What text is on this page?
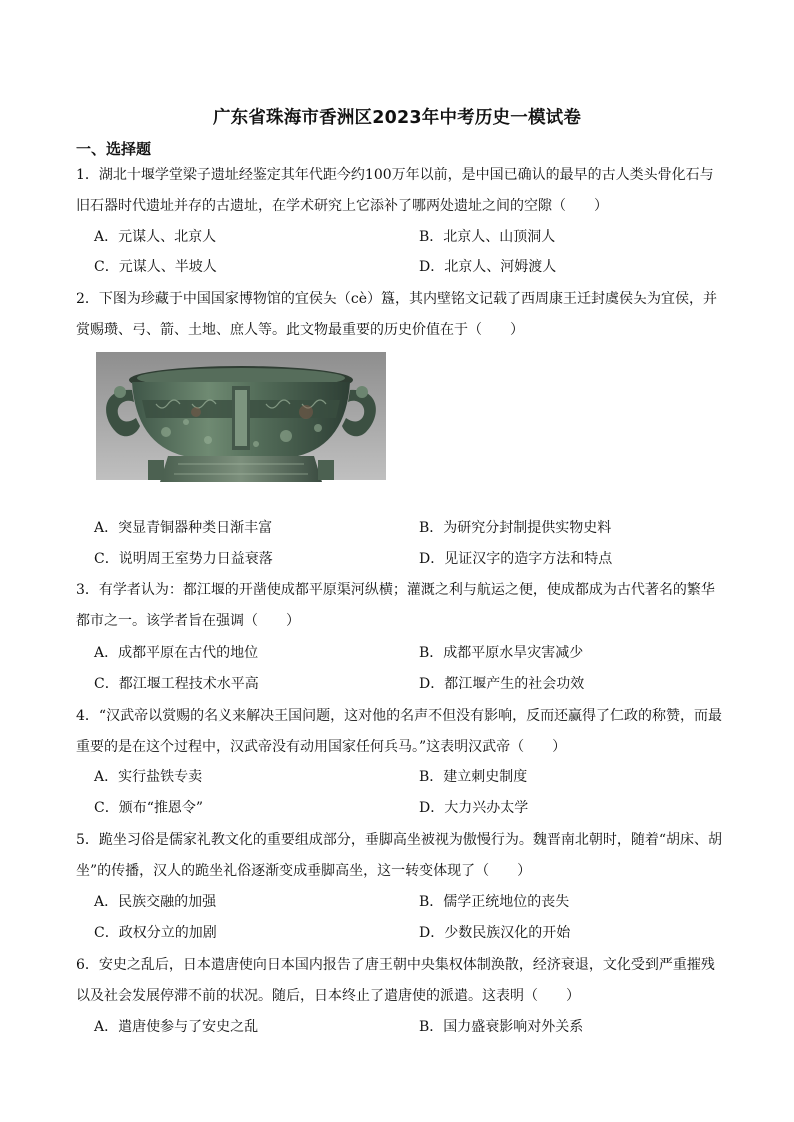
广东省珠海市香洲区2023年中考历史一模试卷
一、选择题
1．湖北十堰学堂梁子遗址经鉴定其年代距今约100万年以前，是中国已确认的最早的古人类头骨化石与
旧石器时代遗址并存的古遗址，在学术研究上它添补了哪两处遗址之间的空隙（　　）
A．元谋人、北京人	B．北京人、山顶洞人
C．元谋人、半坡人	D．北京人、河姆渡人
2．下图为珍藏于中国国家博物馆的宜侯夨（cè）簋，其内壁铭文记载了西周康王迁封虞侯夨为宜侯，并
赏赐瓒、弓、箭、土地、庶人等。此文物最重要的历史价值在于（　　）
A．突显青铜器种类日渐丰富	B．为研究分封制提供实物史料
C．说明周王室势力日益衰落	D．见证汉字的造字方法和特点
3．有学者认为：都江堰的开凿使成都平原渠河纵横；灌溉之利与航运之便，使成都成为古代著名的繁华
都市之一。该学者旨在强调（　　）
A．成都平原在古代的地位	B．成都平原水旱灾害减少
C．都江堰工程技术水平高	D．都江堰产生的社会功效
4．“汉武帝以赏赐的名义来解决王国问题，这对他的名声不但没有影响，反而还赢得了仁政的称赞，而最
重要的是在这个过程中，汉武帝没有动用国家任何兵马。”这表明汉武帝（　　）
A．实行盐铁专卖	B．建立刺史制度
C．颁布“推恩令”	D．大力兴办太学
5．跪坐习俗是儒家礼教文化的重要组成部分，垂脚高坐被视为傲慢行为。魏晋南北朝时，随着“胡床、胡
坐”的传播，汉人的跪坐礼俗逐渐变成垂脚高坐，这一转变体现了（　　）
A．民族交融的加强	B．儒学正统地位的丧失
C．政权分立的加剧	D．少数民族汉化的开始
6．安史之乱后，日本遣唐使向日本国内报告了唐王朝中央集权体制涣散，经济衰退，文化受到严重摧残
以及社会发展停滞不前的状况。随后，日本终止了遣唐使的派遣。这表明（　　）
A．遣唐使参与了安史之乱	B．国力盛衰影响对外关系
